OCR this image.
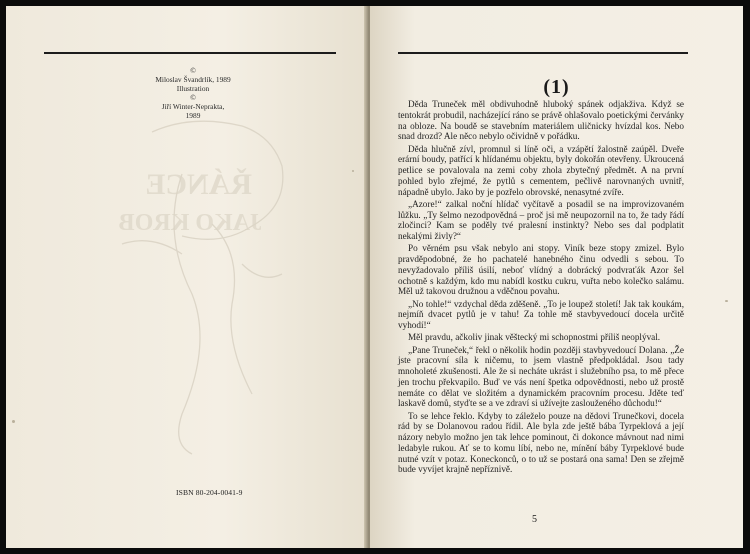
ŘÁNCE
JAKO KROB
©
Miloslav Švandrlík, 1989
Illustration
©
Jiří Winter-Neprakta,
1989
ISBN 80-204-0041-9
(1)

Děda Truneček měl obdivuhodně hluboký spánek odjakživa. Když se tentokrát probudil, nacházející ráno se právě ohlašovalo poetickými červánky na obloze. Na boudě se stavebním materiálem uličnicky hvízdal kos. Nebo snad drozd? Ale něco nebylo očividně v pořádku.

Děda hlučně zívl, promnul si líně oči, a vzápětí žalostně zaúpěl. Dveře erární boudy, patřící k hlídanému objektu, byly dokořán otevřeny. Ukroucená petlice se povalovala na zemi coby zhola zbytečný předmět. A na první pohled bylo zřejmé, že pytlů s cementem, pečlivě narovnaných uvnitř, nápadně ubylo. Jako by je pozřelo obrovské, nenasytné zvíře.

„Azore!“ zalkal noční hlídač vyčítavě a posadil se na improvizovaném lůžku. „Ty šelmo nezodpovědná – proč jsi mě neupozornil na to, že tady řádí zločinci? Kam se poděly tvé pralesní instinkty? Nebo ses dal podplatit nekalými živly?“

Po věrném psu však nebylo ani stopy. Viník beze stopy zmizel. Bylo pravděpodobné, že ho pachatelé hanebného činu odvedli s sebou. To nevyžadovalo příliš úsilí, neboť vlídný a dobrácký podvraťák Azor šel ochotně s každým, kdo mu nabídl kostku cukru, vuřta nebo kolečko salámu. Měl už takovou družnou a vděčnou povahu.

„No tohle!“ vzdychal děda zděšeně. „To je loupež století! Jak tak koukám, nejmíň dvacet pytlů je v tahu! Za tohle mě stavbyvedoucí docela určitě vyhodí!“

Měl pravdu, ačkoliv jinak věštecký mi schopnostmi příliš neoplýval.

„Pane Truneček,“ řekl o několik hodin později stavbyvedoucí Dolana. „Že jste pracovní síla k ničemu, to jsem vlastně předpokládal. Jsou tady mnoholeté zkušenosti. Ale že si necháte ukrást i služebního psa, to mě přece jen trochu překvapilo. Buď ve vás není špetka odpovědnosti, nebo už prostě nemáte co dělat ve složitém a dynamickém pracovním procesu. Jděte teď laskavě domů, styďte se a ve zdraví si užívejte zaslouženého důchodu!“

To se lehce řeklo. Kdyby to záleželo pouze na dědovi Trunečkovi, docela rád by se Dolanovou radou řídil. Ale byla zde ještě bába Tyrpeklová a její názory nebylo možno jen tak lehce pominout, či dokonce mávnout nad nimi ledabyle rukou. Ať se to komu líbí, nebo ne, mínění báby Tyrpeklové bude nutné vzít v potaz. Koneckonců, o to už se postará ona sama! Den se zřejmě bude vyvíjet krajně nepříznivě.

5
